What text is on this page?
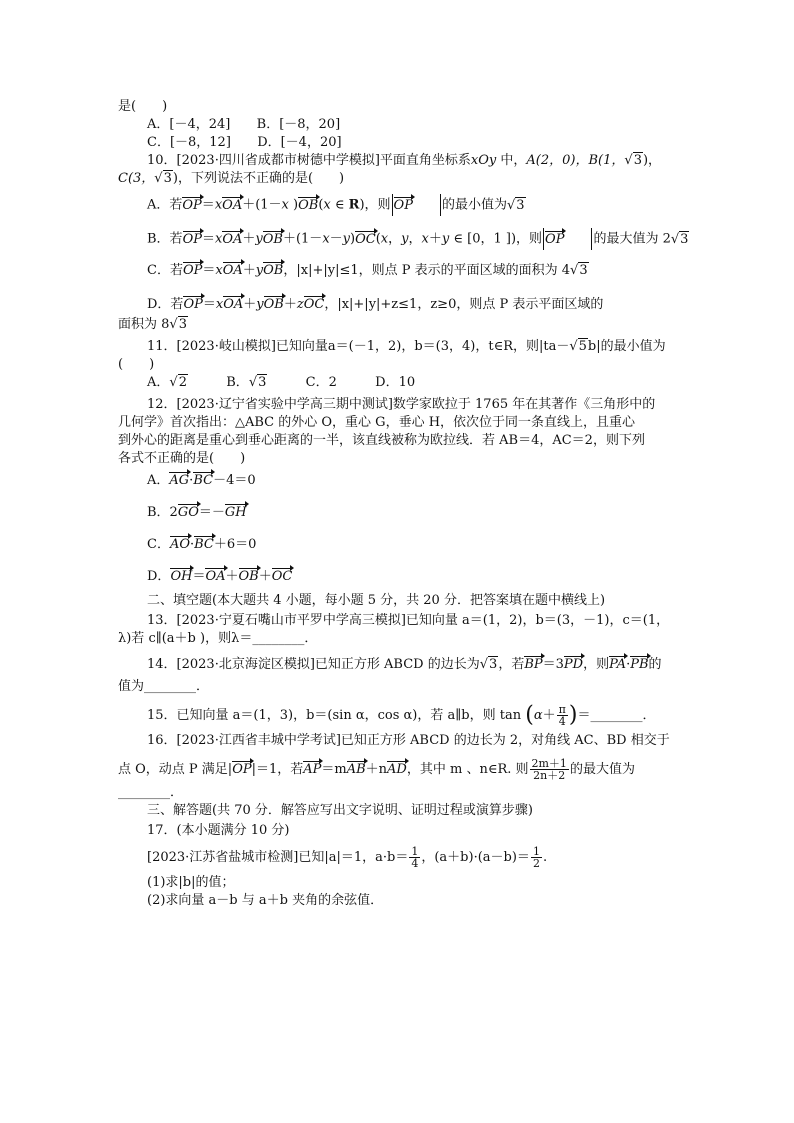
是(　　)
A．[－4，24] B．[－8，20]
C．[－8，12] D．[－4，20]
10．[2023·四川省成都市树德中学模拟]平面直角坐标系xOy 中，A(2，0)，B(1，√3)，
C(3，√3)，下列说法不正确的是(　　)
A．若OP＝xOA＋(1－x )OB(x ∈ R)，则 OP 的最小值为√3
B．若OP＝xOA＋yOB＋(1－x－y)OC(x，y，x＋y ∈ [0，1 ])，则 OP 的最大值为 2√3
C．若OP＝xOA＋yOB，|x|+|y|≤1，则点 P 表示的平面区域的面积为 4√3
D．若OP＝xOA＋yOB＋zOC，|x|+|y|+z≤1，z≥0，则点 P 表示平面区域的
面积为 8√3
11．[2023·岐山模拟]已知向量a＝(－1，2)，b＝(3，4)，t∈R，则|ta－√5b|的最小值为
(　　)
A．√2	B．√3	C．2	D．10
12．[2023·辽宁省实验中学高三期中测试]数学家欧拉于 1765 年在其著作《三角形中的
几何学》首次指出：△ABC 的外心 O，重心 G，垂心 H，依次位于同一条直线上，且重心
到外心的距离是重心到垂心距离的一半，该直线被称为欧拉线．若 AB＝4，AC＝2，则下列
各式不正确的是(　　)
A．AG·BC－4＝0
B．2GO＝－GH
C．AO·BC＋6＝0
D．OH＝OA＋OB＋OC
二、填空题(本大题共 4 小题，每小题 5 分，共 20 分．把答案填在题中横线上)
13．[2023·宁夏石嘴山市平罗中学高三模拟]已知向量 a＝(1，2)，b＝(3，－1)，c＝(1，
λ)若 c∥(a＋b )，则λ＝________．
14．[2023·北京海淀区模拟]已知正方形 ABCD 的边长为√3，若BP＝3PD，则PA·PB的
值为________．
15．已知向量 a＝(1，3)，b＝(sin α，cos α)，若 a∥b，则 $\tan (\alpha+ \frac{\pi}{4}$ )＝________．
16．[2023·江西省丰城中学考试]已知正方形 ABCD 的边长为 2，对角线 AC、BD 相交于
点 O，动点 P 满足|OP|＝1，若AP＝mAB＋nAD，其中 m 、n∈R. 则 $\frac{2m+1}{2n+2}$ 的最大值为
________．
三、解答题(共 70 分．解答应写出文字说明、证明过程或演算步骤)
17．(本小题满分 10 分)
[2023·江苏省盐城市检测]已知|a|＝1，$a\cdot b= \frac{1}{4}$ ，$(a+b)\cdot(a-b)= \frac{1}{2}$ .
(1)求|b|的值；
(2)求向量 a－b 与 a＋b 夹角的余弦值．
